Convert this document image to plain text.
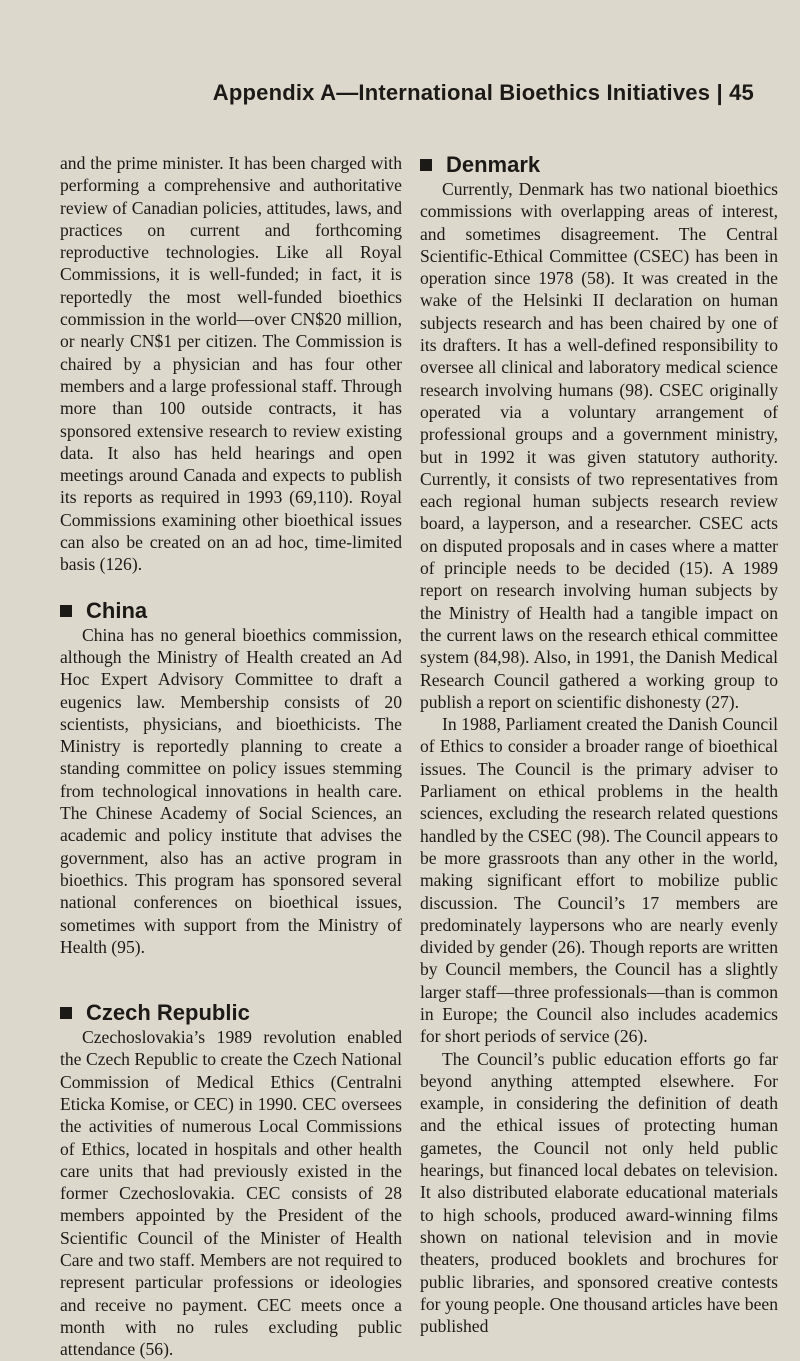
Appendix A—International Bioethics Initiatives | 45

and the prime minister. It has been charged with performing a comprehensive and authoritative review of Canadian policies, attitudes, laws, and practices on current and forthcoming reproductive technologies. Like all Royal Commissions, it is well-funded; in fact, it is reportedly the most well-funded bioethics commission in the world—over CN$20 million, or nearly CN$1 per citizen. The Commission is chaired by a physician and has four other members and a large professional staff. Through more than 100 outside contracts, it has sponsored extensive research to review existing data. It also has held hearings and open meetings around Canada and expects to publish its reports as required in 1993 (69,110). Royal Commissions examining other bioethical issues can also be created on an ad hoc, time-limited basis (126).

China

China has no general bioethics commission, although the Ministry of Health created an Ad Hoc Expert Advisory Committee to draft a eugenics law. Membership consists of 20 scientists, physicians, and bioethicists. The Ministry is reportedly planning to create a standing committee on policy issues stemming from technological innovations in health care. The Chinese Academy of Social Sciences, an academic and policy institute that advises the government, also has an active program in bioethics. This program has sponsored several national conferences on bioethical issues, sometimes with support from the Ministry of Health (95).

Czech Republic

Czechoslovakia’s 1989 revolution enabled the Czech Republic to create the Czech National Commission of Medical Ethics (Centralni Eticka Komise, or CEC) in 1990. CEC oversees the activities of numerous Local Commissions of Ethics, located in hospitals and other health care units that had previously existed in the former Czechoslovakia. CEC consists of 28 members appointed by the President of the Scientific Council of the Minister of Health Care and two staff. Members are not required to represent particular professions or ideologies and receive no payment. CEC meets once a month with no rules excluding public attendance (56).

Denmark

Currently, Denmark has two national bioethics commissions with overlapping areas of interest, and sometimes disagreement. The Central Scientific-Ethical Committee (CSEC) has been in operation since 1978 (58). It was created in the wake of the Helsinki II declaration on human subjects research and has been chaired by one of its drafters. It has a well-defined responsibility to oversee all clinical and laboratory medical science research involving humans (98). CSEC originally operated via a voluntary arrangement of professional groups and a government ministry, but in 1992 it was given statutory authority. Currently, it consists of two representatives from each regional human subjects research review board, a layperson, and a researcher. CSEC acts on disputed proposals and in cases where a matter of principle needs to be decided (15). A 1989 report on research involving human subjects by the Ministry of Health had a tangible impact on the current laws on the research ethical committee system (84,98). Also, in 1991, the Danish Medical Research Council gathered a working group to publish a report on scientific dishonesty (27).

In 1988, Parliament created the Danish Council of Ethics to consider a broader range of bioethical issues. The Council is the primary adviser to Parliament on ethical problems in the health sciences, excluding the research related questions handled by the CSEC (98). The Council appears to be more grassroots than any other in the world, making significant effort to mobilize public discussion. The Council’s 17 members are predominately laypersons who are nearly evenly divided by gender (26). Though reports are written by Council members, the Council has a slightly larger staff—three professionals—than is common in Europe; the Council also includes academics for short periods of service (26).

The Council’s public education efforts go far beyond anything attempted elsewhere. For example, in considering the definition of death and the ethical issues of protecting human gametes, the Council not only held public hearings, but financed local debates on television. It also distributed elaborate educational materials to high schools, produced award-winning films shown on national television and in movie theaters, produced booklets and brochures for public libraries, and sponsored creative contests for young people. One thousand articles have been published
